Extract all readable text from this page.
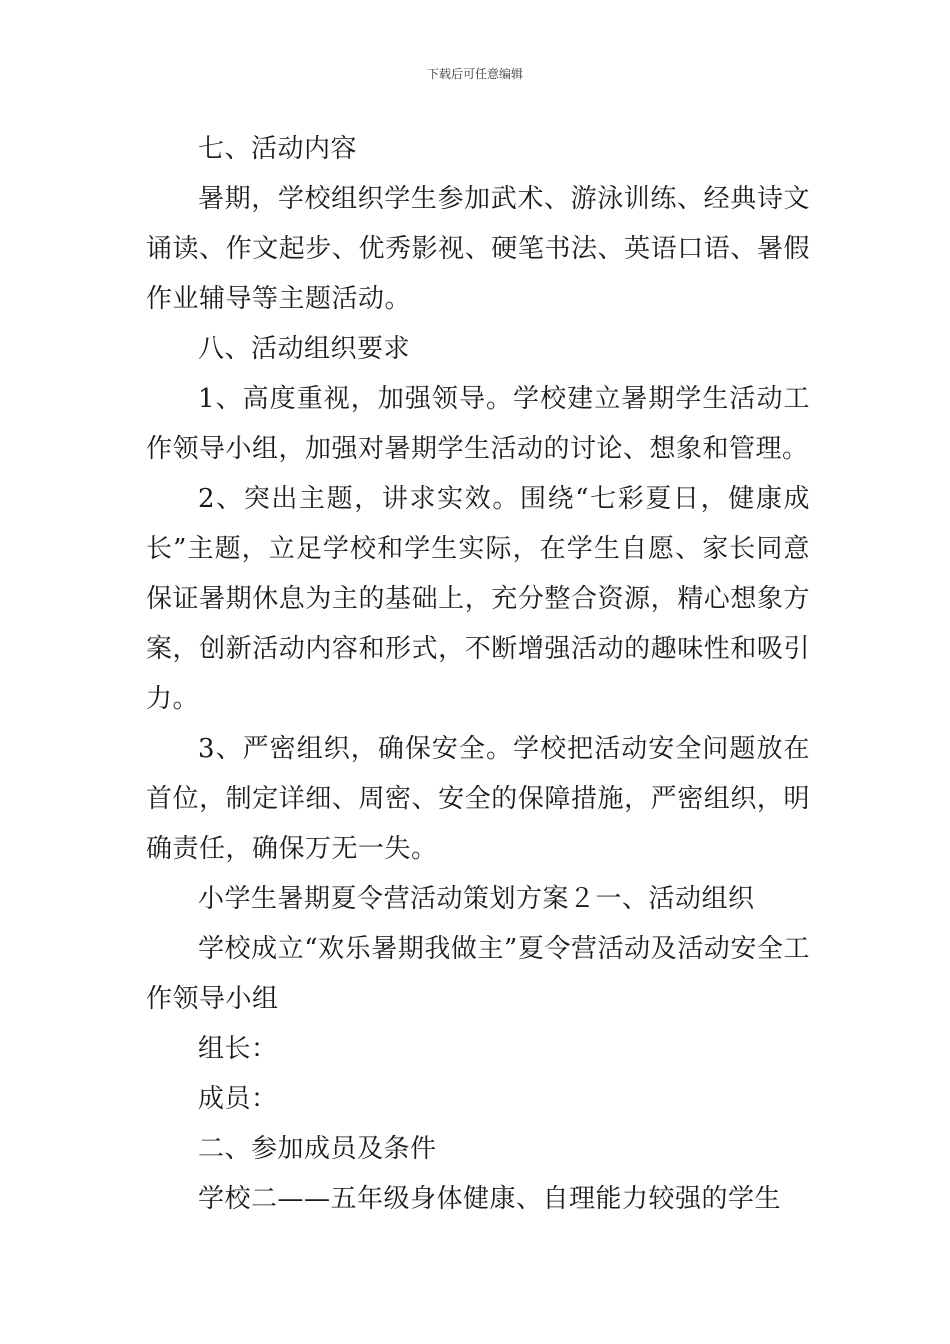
下载后可任意编辑

七、活动内容

暑期，学校组织学生参加武术、游泳训练、经典诗文诵读、作文起步、优秀影视、硬笔书法、英语口语、暑假作业辅导等主题活动。

八、活动组织要求

1、高度重视，加强领导。学校建立暑期学生活动工作领导小组，加强对暑期学生活动的讨论、想象和管理。

2、突出主题，讲求实效。围绕“七彩夏日，健康成长”主题，立足学校和学生实际，在学生自愿、家长同意保证暑期休息为主的基础上，充分整合资源，精心想象方案，创新活动内容和形式，不断增强活动的趣味性和吸引力。

3、严密组织，确保安全。学校把活动安全问题放在首位，制定详细、周密、安全的保障措施，严密组织，明确责任，确保万无一失。

小学生暑期夏令营活动策划方案２一、活动组织

学校成立“欢乐暑期我做主”夏令营活动及活动安全工作领导小组

组长：

成员：

二、参加成员及条件

学校二——五年级身体健康、自理能力较强的学生
